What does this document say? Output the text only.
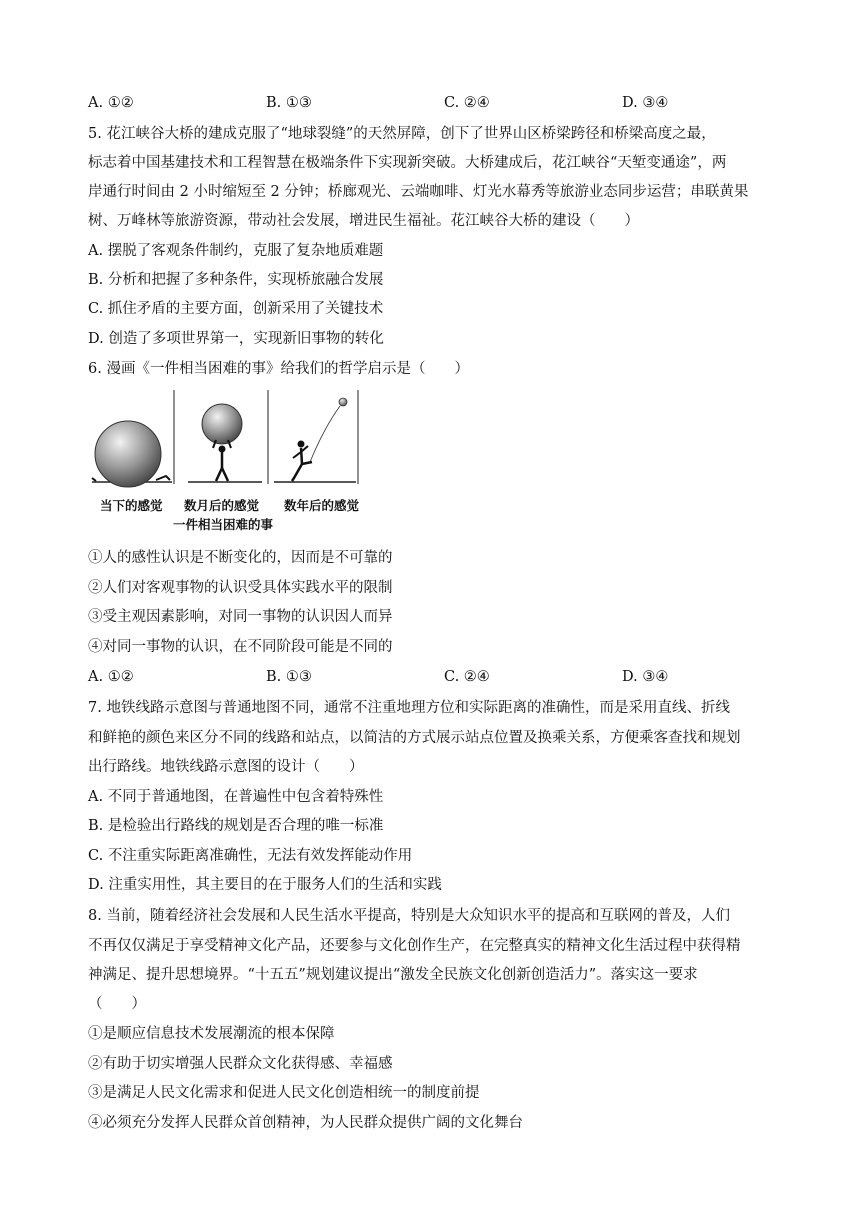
A. ①②	B. ①③	C. ②④	D. ③④
5. 花江峡谷大桥的建成克服了“地球裂缝”的天然屏障，创下了世界山区桥梁跨径和桥梁高度之最，
标志着中国基建技术和工程智慧在极端条件下实现新突破。大桥建成后，花江峡谷“天堑变通途”，两
岸通行时间由 2 小时缩短至 2 分钟；桥廊观光、云端咖啡、灯光水幕秀等旅游业态同步运营；串联黄果
树、万峰林等旅游资源，带动社会发展，增进民生福祉。花江峡谷大桥的建设（　　）
A. 摆脱了客观条件制约，克服了复杂地质难题
B. 分析和把握了多种条件，实现桥旅融合发展
C. 抓住矛盾的主要方面，创新采用了关键技术
D. 创造了多项世界第一，实现新旧事物的转化
6. 漫画《一件相当困难的事》给我们的哲学启示是（　　）
当下的感觉 数月后的感觉 数年后的感觉
一件相当困难的事
①人的感性认识是不断变化的，因而是不可靠的
②人们对客观事物的认识受具体实践水平的限制
③受主观因素影响，对同一事物的认识因人而异
④对同一事物的认识，在不同阶段可能是不同的
A. ①②	B. ①③	C. ②④	D. ③④
7. 地铁线路示意图与普通地图不同，通常不注重地理方位和实际距离的准确性，而是采用直线、折线
和鲜艳的颜色来区分不同的线路和站点，以简洁的方式展示站点位置及换乘关系，方便乘客查找和规划
出行路线。地铁线路示意图的设计（　　）
A. 不同于普通地图，在普遍性中包含着特殊性
B. 是检验出行路线的规划是否合理的唯一标准
C. 不注重实际距离准确性，无法有效发挥能动作用
D. 注重实用性，其主要目的在于服务人们的生活和实践
8. 当前，随着经济社会发展和人民生活水平提高，特别是大众知识水平的提高和互联网的普及，人们
不再仅仅满足于享受精神文化产品，还要参与文化创作生产，在完整真实的精神文化生活过程中获得精
神满足、提升思想境界。“十五五”规划建议提出“激发全民族文化创新创造活力”。落实这一要求
（　　）
①是顺应信息技术发展潮流的根本保障
②有助于切实增强人民群众文化获得感、幸福感
③是满足人民文化需求和促进人民文化创造相统一的制度前提
④必须充分发挥人民群众首创精神，为人民群众提供广阔的文化舞台
